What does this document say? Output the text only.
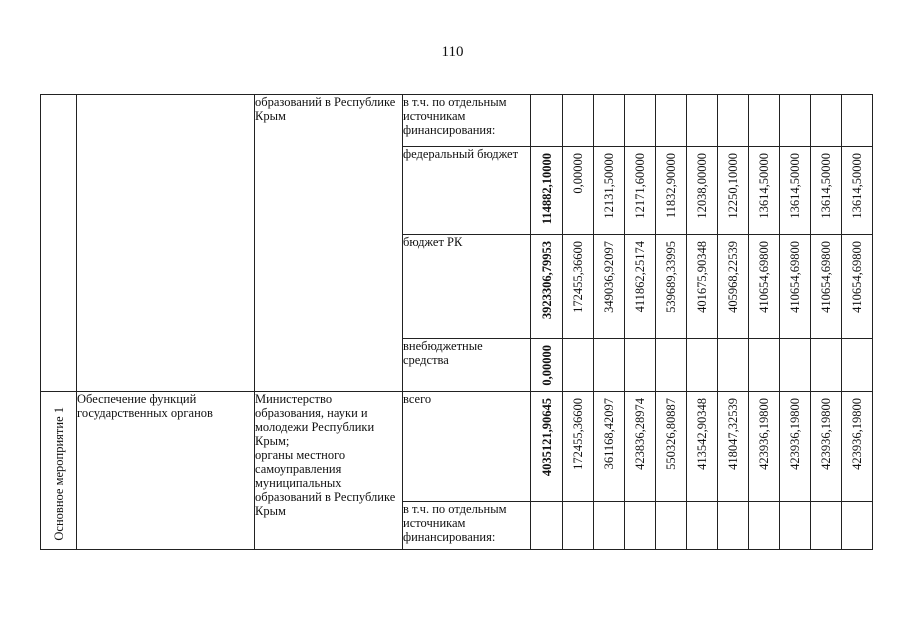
110
		образований в Республике Крым	в т.ч. по отдельным источникам финансирования:	

			федеральный бюджет	114882,10000	0,00000	12131,50000	12171,60000	11832,90000	12038,00000	12250,10000	13614,50000	13614,50000	13614,50000	13614,50000

			бюджет РК	3923306,79953	172455,36600	349036,92097	411862,25174	539689,33995	401675,90348	405968,22539	410654,69800	410654,69800	410654,69800	410654,69800

			внебюджетные средства	0,00000										

Основное мероприятие 1	Обеспечение функций государственных органов	Министерство образования, науки и молодежи Республики Крым;
органы местного самоуправления муниципальных образований в Республике Крым	всего	4035121,90645	172455,36600	361168,42097	423836,28974	550326,80887	413542,90348	418047,32539	423936,19800	423936,19800	423936,19800	423936,19800

			в т.ч. по отдельным источникам финансирования:	
